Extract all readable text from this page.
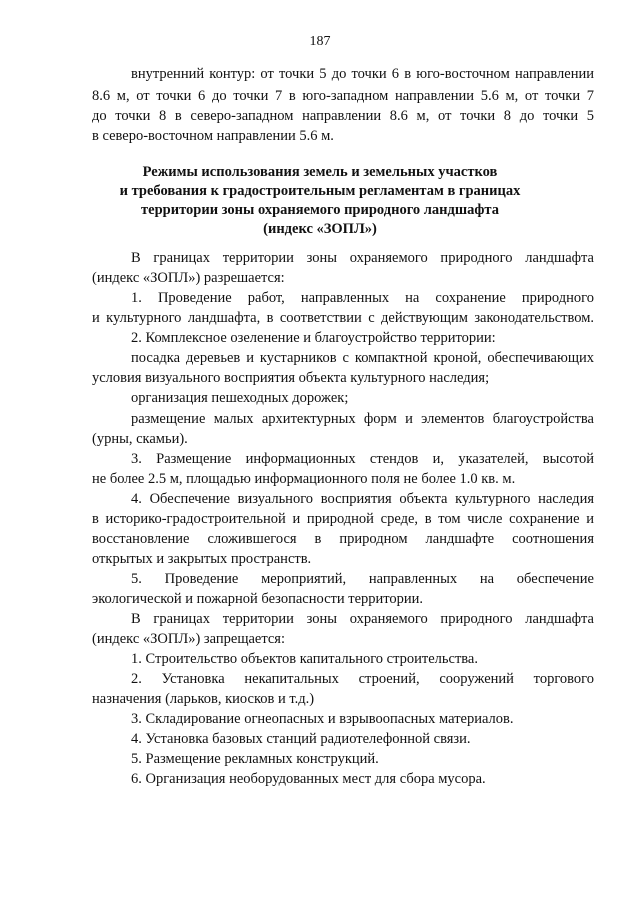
187
внутренний контур: от точки 5 до точки 6 в юго-восточном направлении
8.6 м, от точки 6 до точки 7 в юго-западном направлении 5.6 м, от точки 7
до точки 8 в северо-западном направлении 8.6 м, от точки 8 до точки 5
в северо-восточном направлении 5.6 м.
Режимы использования земель и земельных участков
и требования к градостроительным регламентам в границах
территории зоны охраняемого природного ландшафта
(индекс «ЗОПЛ»)
В границах территории зоны охраняемого природного ландшафта
(индекс «ЗОПЛ») разрешается:
1. Проведение работ, направленных на сохранение природного
и культурного ландшафта, в соответствии с действующим законодательством.
2. Комплексное озеленение и благоустройство территории:
посадка деревьев и кустарников с компактной кроной, обеспечивающих
условия визуального восприятия объекта культурного наследия;
организация пешеходных дорожек;
размещение малых архитектурных форм и элементов благоустройства
(урны, скамьи).
3. Размещение информационных стендов и, указателей, высотой
не более 2.5 м, площадью информационного поля не более 1.0 кв. м.
4. Обеспечение визуального восприятия объекта культурного наследия
в историко-градостроительной и природной среде, в том числе сохранение и
восстановление сложившегося в природном ландшафте соотношения
открытых и закрытых пространств.
5. Проведение мероприятий, направленных на обеспечение
экологической и пожарной безопасности территории.
В границах территории зоны охраняемого природного ландшафта
(индекс «ЗОПЛ») запрещается:
1. Строительство объектов капитального строительства.
2. Установка некапитальных строений, сооружений торгового
назначения (ларьков, киосков и т.д.)
3. Складирование огнеопасных и взрывоопасных материалов.
4. Установка базовых станций радиотелефонной связи.
5. Размещение рекламных конструкций.
6. Организация необорудованных мест для сбора мусора.
